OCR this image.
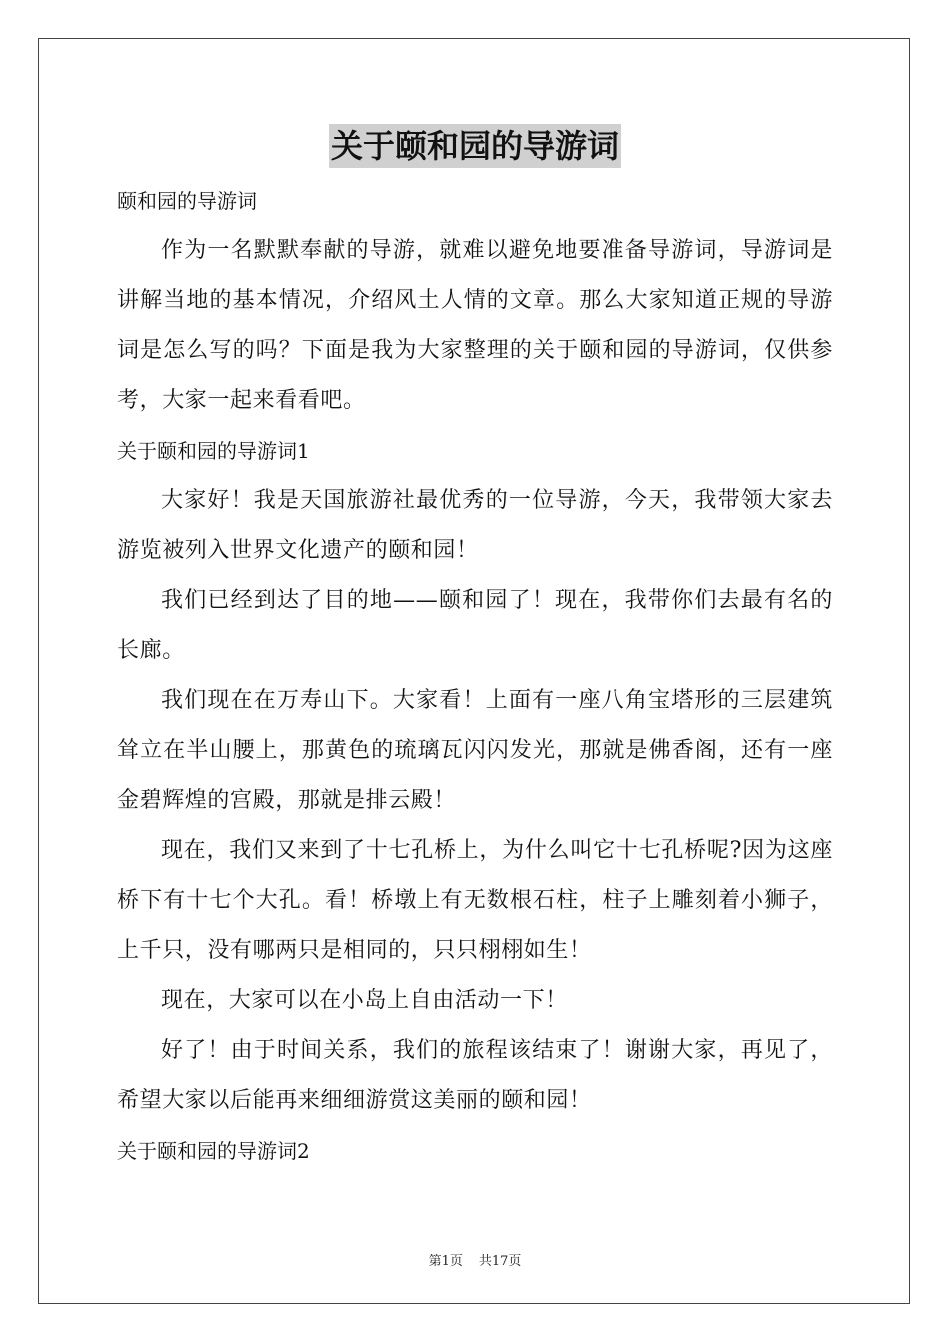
关于颐和园的导游词
颐和园的导游词

作为一名默默奉献的导游，就难以避免地要准备导游词，导游词是讲解当地的基本情况，介绍风土人情的文章。那么大家知道正规的导游词是怎么写的吗？下面是我为大家整理的关于颐和园的导游词，仅供参考，大家一起来看看吧。

关于颐和园的导游词1

大家好！我是天国旅游社最优秀的一位导游，今天，我带领大家去游览被列入世界文化遗产的颐和园！

我们已经到达了目的地——颐和园了！现在，我带你们去最有名的长廊。

我们现在在万寿山下。大家看！上面有一座八角宝塔形的三层建筑耸立在半山腰上，那黄色的琉璃瓦闪闪发光，那就是佛香阁，还有一座金碧辉煌的宫殿，那就是排云殿！

现在，我们又来到了十七孔桥上，为什么叫它十七孔桥呢?因为这座桥下有十七个大孔。看！桥墩上有无数根石柱，柱子上雕刻着小狮子，上千只，没有哪两只是相同的，只只栩栩如生！

现在，大家可以在小岛上自由活动一下！

好了！由于时间关系，我们的旅程该结束了！谢谢大家，再见了，希望大家以后能再来细细游赏这美丽的颐和园！

关于颐和园的导游词2
第1页 共17页
